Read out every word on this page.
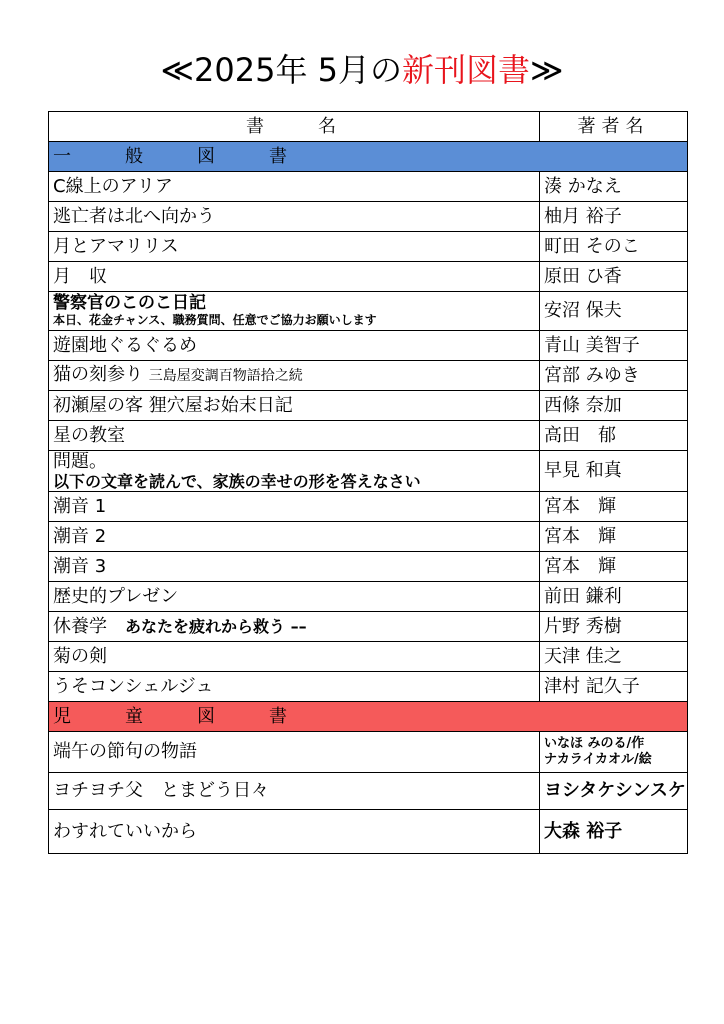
≪2025年 5月の新刊図書≫
書　　名	著者名
一　般　図　書	
C線上のアリア	湊 かなえ
逃亡者は北へ向かう	柚月 裕子
月とアマリリス	町田 そのこ
月　収	原田 ひ香

警察官のこのこ日記
本日、花金チャンス、職務質問、任意でご協力お願いします	安沼 保夫
遊園地ぐるぐるめ	青山 美智子
猫の刻参り 三島屋変調百物語拾之続	宮部 みゆき
初瀬屋の客 狸穴屋お始末日記	西條 奈加
星の教室	高田　郁

問題。
以下の文章を読んで、家族の幸せの形を答えなさい	早見 和真
潮音 1	宮本　輝
潮音 2	宮本　輝
潮音 3	宮本　輝
歴史的プレゼン	前田 鎌利
休養学　 あなたを疲れから救う ––	片野 秀樹
菊の剣	天津 佳之
うそコンシェルジュ	津村 記久子
児　童　図　書	
端午の節句の物語	いなほ みのる/作
ナカライカオル/絵

ヨチヨチ父　とまどう日々	ヨシタケシンスケ
わすれていいから	大森 裕子
